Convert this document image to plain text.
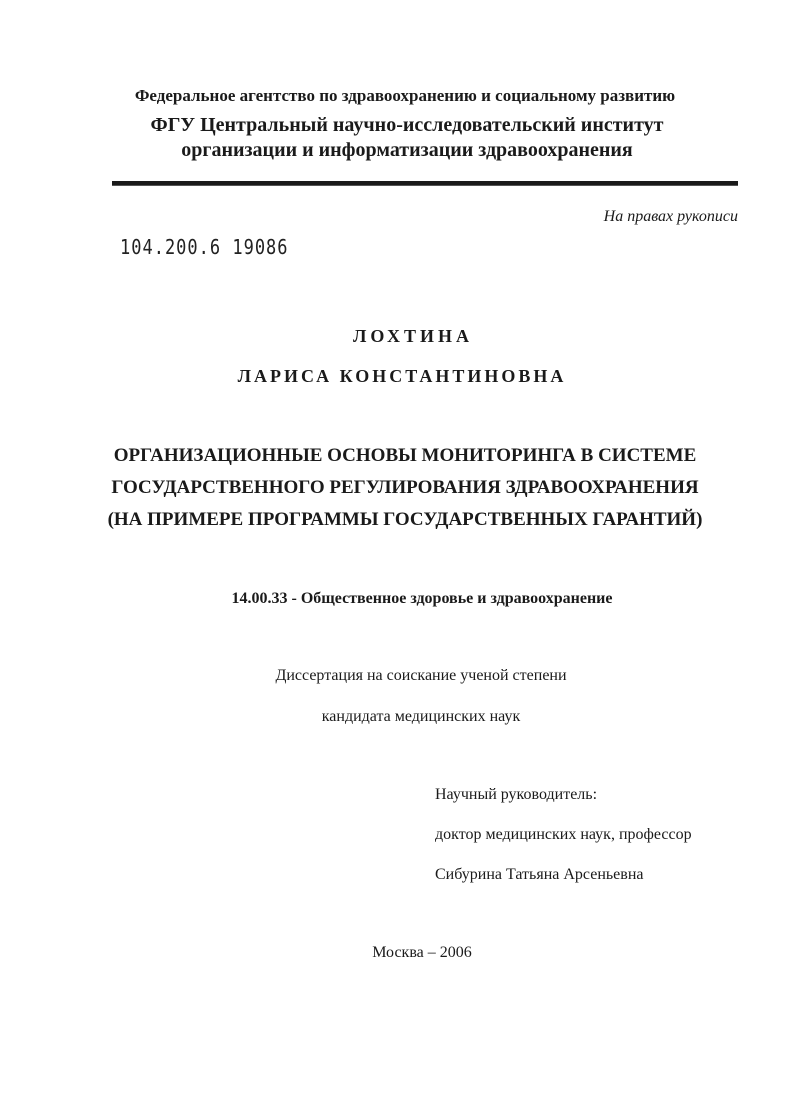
Федеральное агентство по здравоохранению и социальному развитию
ФГУ Центральный научно-исследовательский институт
организации и информатизации здравоохранения
На правах рукописи
104.200.6 19086
ЛОХТИНА
ЛАРИСА КОНСТАНТИНОВНА
ОРГАНИЗАЦИОННЫЕ ОСНОВЫ МОНИТОРИНГА В СИСТЕМЕ
ГОСУДАРСТВЕННОГО РЕГУЛИРОВАНИЯ ЗДРАВООХРАНЕНИЯ
(НА ПРИМЕРЕ ПРОГРАММЫ ГОСУДАРСТВЕННЫХ ГАРАНТИЙ)
14.00.33 - Общественное здоровье и здравоохранение
Диссертация на соискание ученой степени
кандидата медицинских наук
Научный руководитель:
доктор медицинских наук, профессор
Сибурина Татьяна Арсеньевна
Москва – 2006
